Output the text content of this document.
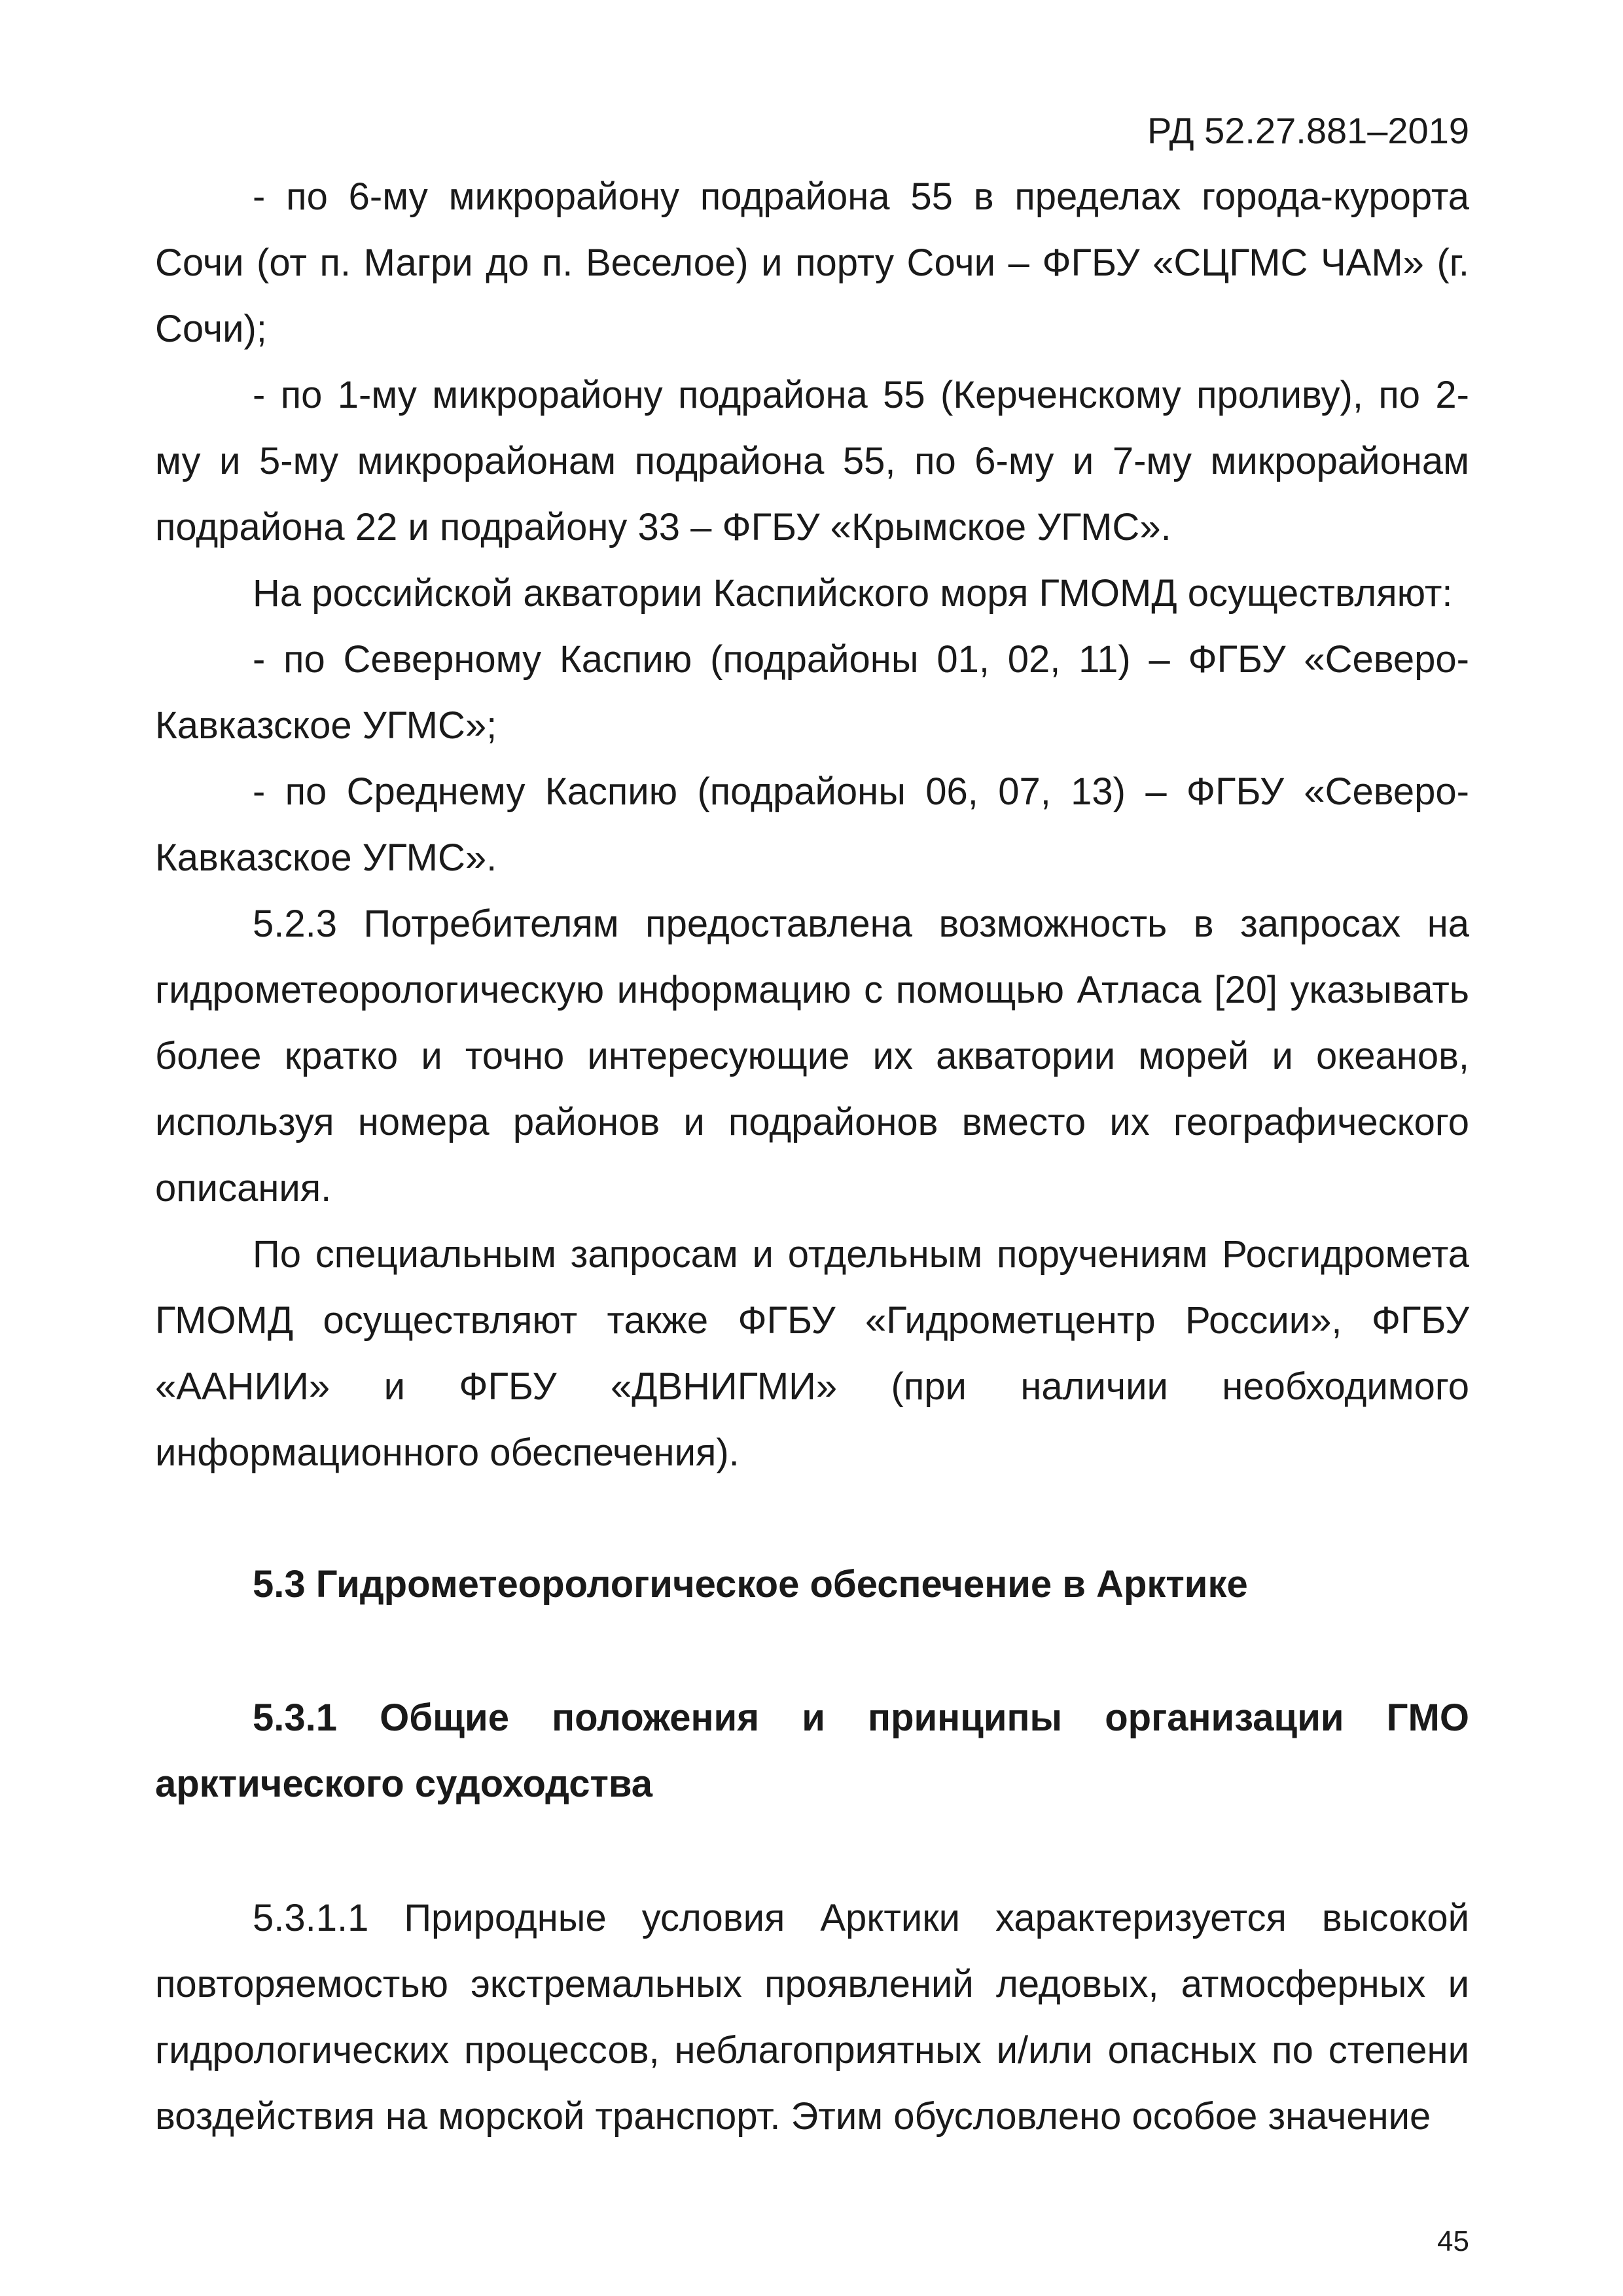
РД 52.27.881–2019

- по 6-му микрорайону подрайона 55 в пределах города-курорта Сочи (от п. Магри до п. Веселое) и порту Сочи – ФГБУ «СЦГМС ЧАМ» (г. Сочи);

- по 1-му микрорайону подрайона 55 (Керченскому проливу), по 2-му и 5-му микрорайонам подрайона 55, по 6-му и 7-му микрорайонам подрайона 22 и подрайону 33 – ФГБУ «Крымское УГМС».

На российской акватории Каспийского моря ГМОМД осуществляют:

- по Северному Каспию (подрайоны 01, 02, 11) – ФГБУ «Северо-Кавказское УГМС»;

- по Среднему Каспию (подрайоны 06, 07, 13) – ФГБУ «Северо-Кавказское УГМС».

5.2.3 Потребителям предоставлена возможность в запросах на гидрометеорологическую информацию с помощью Атласа [20] указывать более кратко и точно интересующие их акватории морей и океанов, используя номера районов и подрайонов вместо их географического описания.

По специальным запросам и отдельным поручениям Росгидромета ГМОМД осуществляют также ФГБУ «Гидрометцентр России», ФГБУ «ААНИИ» и ФГБУ «ДВНИГМИ» (при наличии необходимого информационного обеспечения).

5.3 Гидрометеорологическое обеспечение в Арктике

5.3.1 Общие положения и принципы организации ГМО арктического судоходства

5.3.1.1 Природные условия Арктики характеризуется высокой повторяемостью экстремальных проявлений ледовых, атмосферных и гидрологических процессов, неблагоприятных и/или опасных по степени воздействия на морской транспорт. Этим обусловлено особое значение

45
